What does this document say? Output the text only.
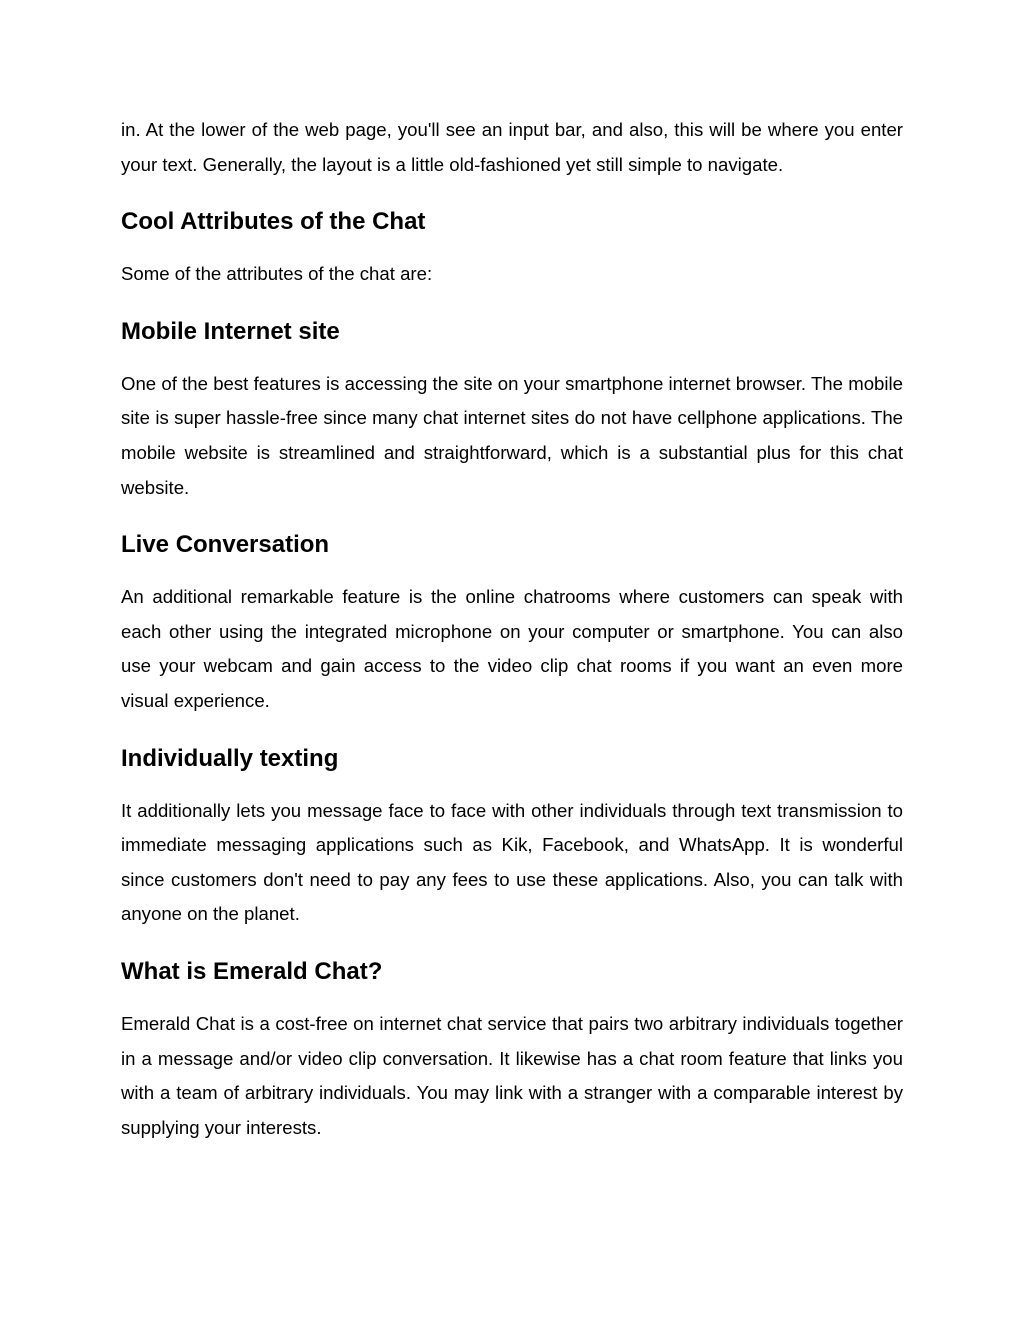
in. At the lower of the web page, you'll see an input bar, and also, this will be where you enter your text. Generally, the layout is a little old-fashioned yet still simple to navigate.

Cool Attributes of the Chat

Some of the attributes of the chat are:

Mobile Internet site

One of the best features is accessing the site on your smartphone internet browser. The mobile site is super hassle-free since many chat internet sites do not have cellphone applications. The mobile website is streamlined and straightforward, which is a substantial plus for this chat website.

Live Conversation

An additional remarkable feature is the online chatrooms where customers can speak with each other using the integrated microphone on your computer or smartphone. You can also use your webcam and gain access to the video clip chat rooms if you want an even more visual experience.

Individually texting

It additionally lets you message face to face with other individuals through text transmission to immediate messaging applications such as Kik, Facebook, and WhatsApp. It is wonderful since customers don't need to pay any fees to use these applications. Also, you can talk with anyone on the planet.

What is Emerald Chat?

Emerald Chat is a cost-free on internet chat service that pairs two arbitrary individuals together in a message and/or video clip conversation. It likewise has a chat room feature that links you with a team of arbitrary individuals. You may link with a stranger with a comparable interest by supplying your interests.
